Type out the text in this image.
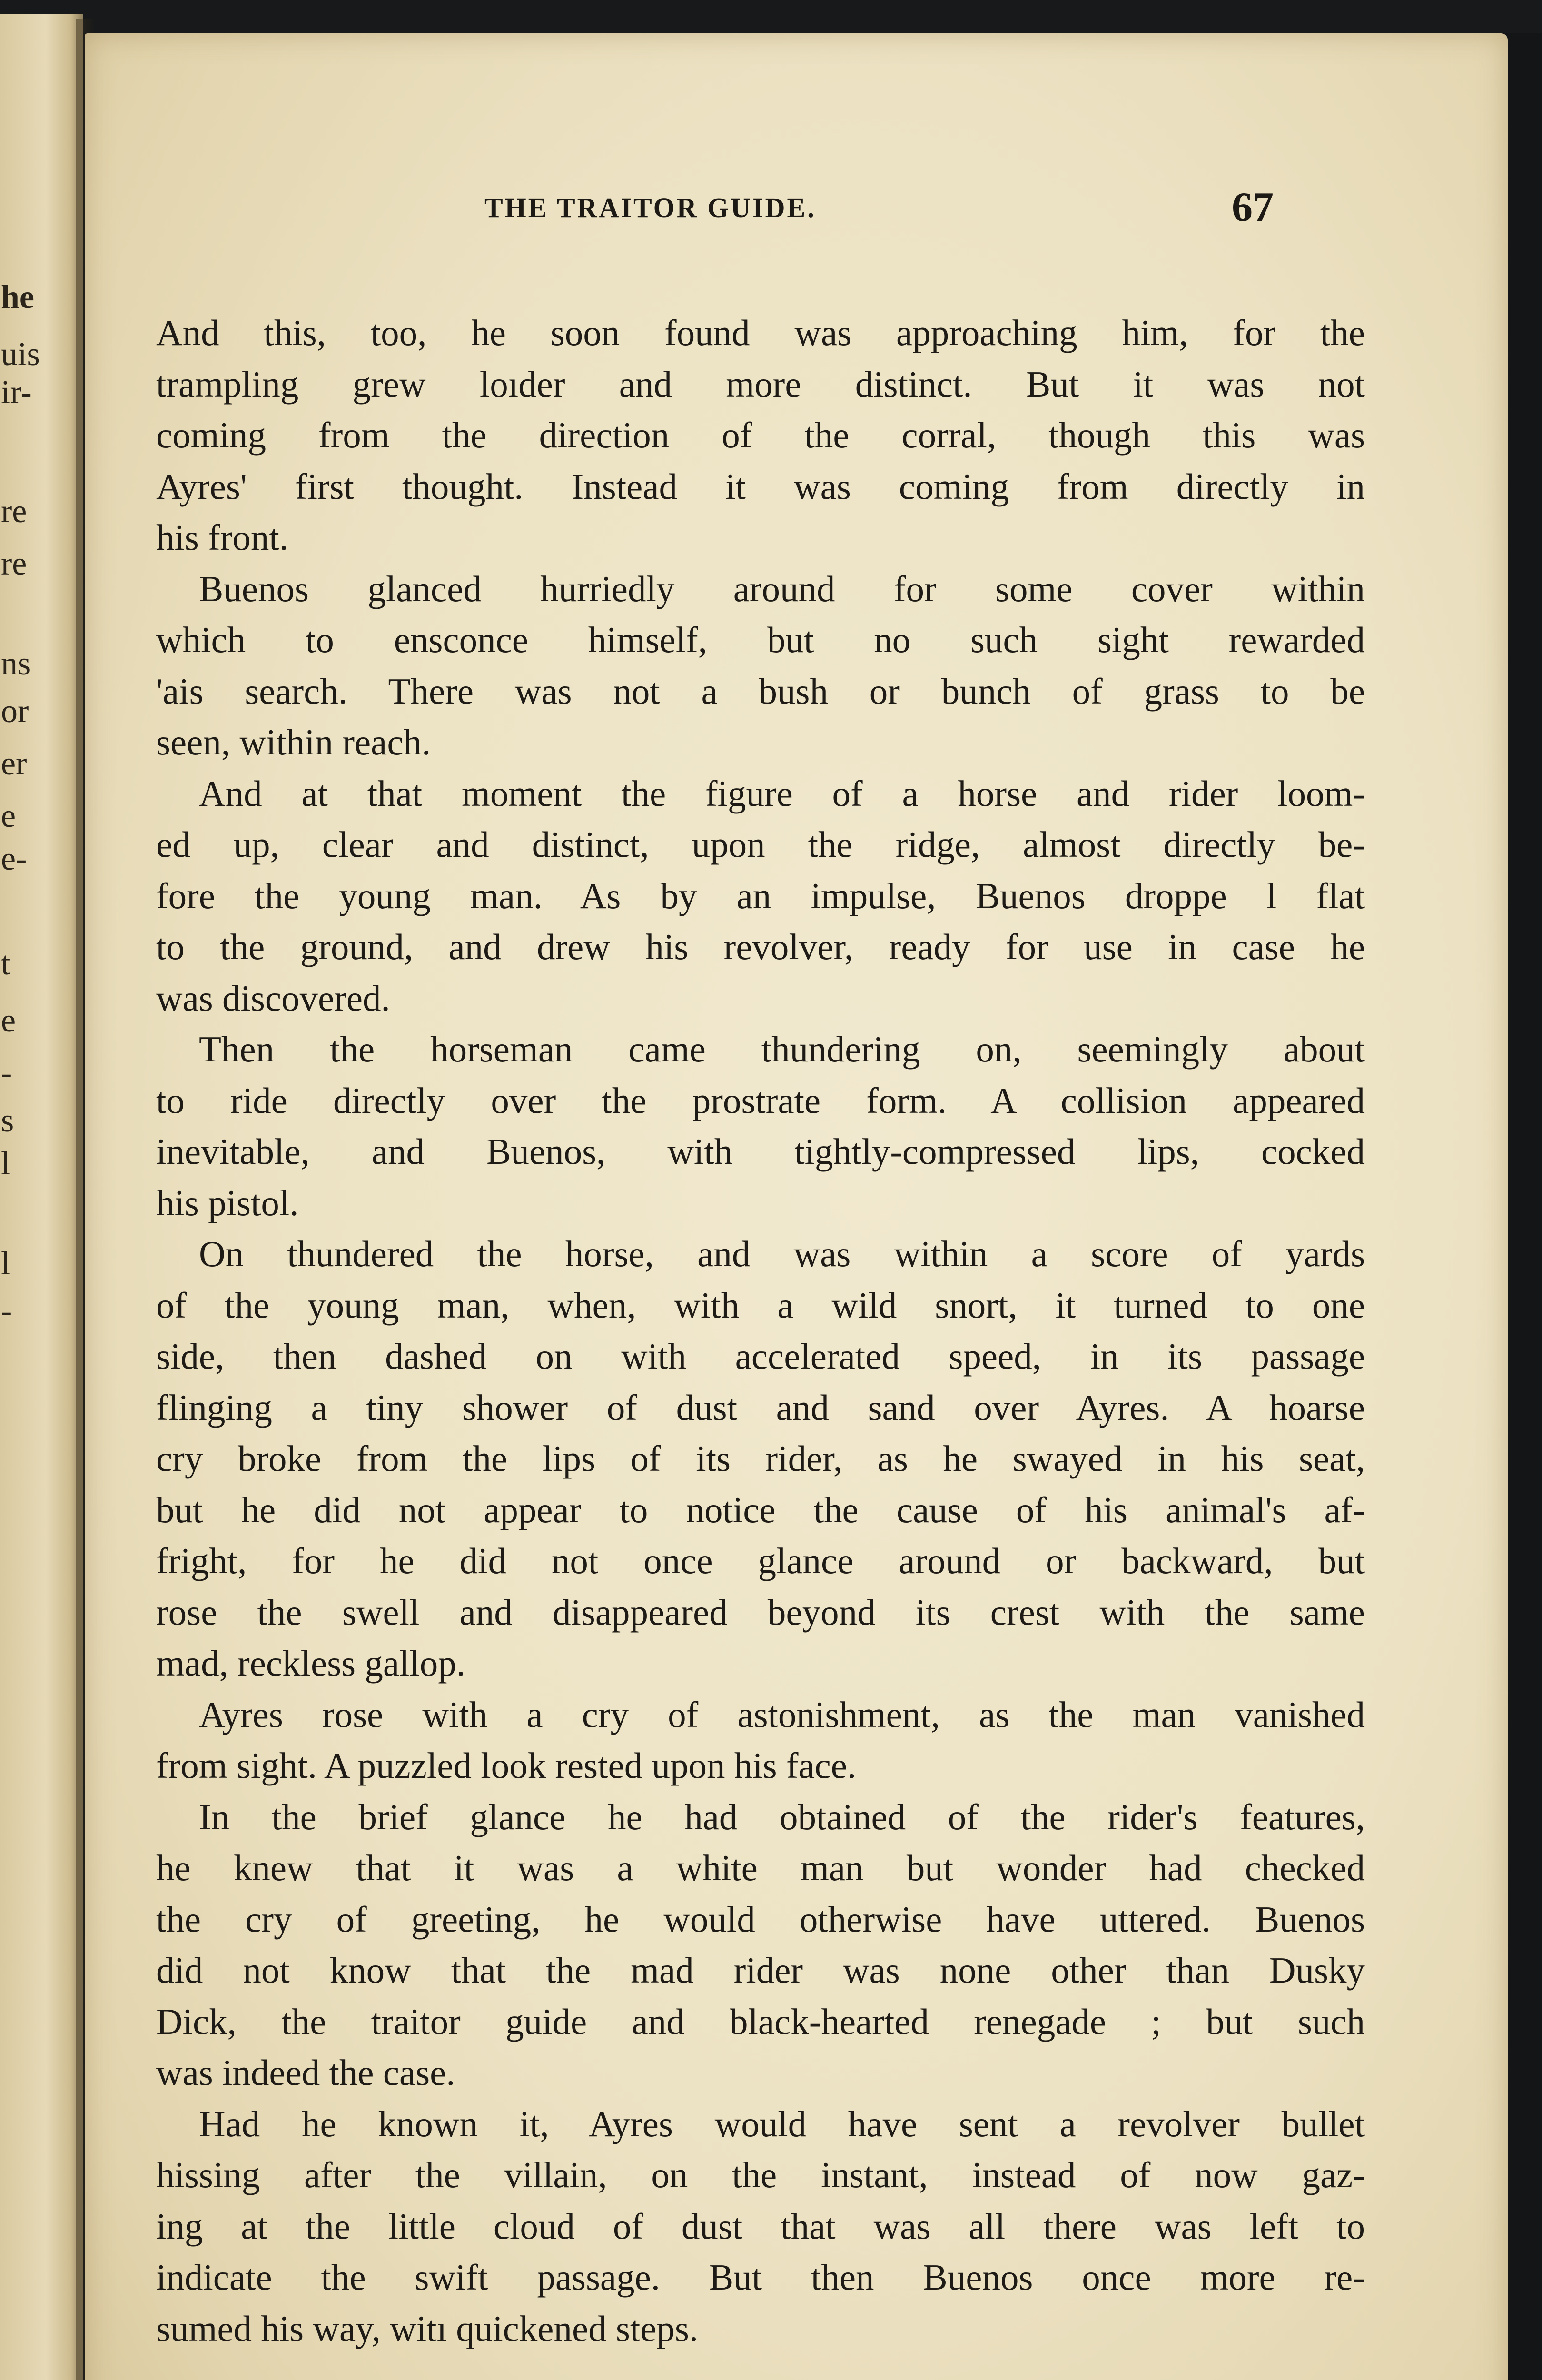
he
uis
ir-
re
re
ns
or
er
e
e-
t
e
-
s
l
l
-
THE TRAITOR GUIDE.	67
And this, too, he soon found was approaching him, for the
trampling grew loıder and more distinct. But it was not
coming from the direction of the corral, though this was
Ayres' first thought. Instead it was coming from directly in
his front.
Buenos glanced hurriedly around for some cover within
which to ensconce himself, but no such sight rewarded
'ais search. There was not a bush or bunch of grass to be
seen, within reach.
And at that moment the figure of a horse and rider loom-
ed up, clear and distinct, upon the ridge, almost directly be-
fore the young man. As by an impulse, Buenos droppe l flat
to the ground, and drew his revolver, ready for use in case he
was discovered.
Then the horseman came thundering on, seemingly about
to ride directly over the prostrate form. A collision appeared
inevitable, and Buenos, with tightly-compressed lips, cocked
his pistol.
On thundered the horse, and was within a score of yards
of the young man, when, with a wild snort, it turned to one
side, then dashed on with accelerated speed, in its passage
flinging a tiny shower of dust and sand over Ayres. A hoarse
cry broke from the lips of its rider, as he swayed in his seat,
but he did not appear to notice the cause of his animal's af-
fright, for he did not once glance around or backward, but
rose the swell and disappeared beyond its crest with the same
mad, reckless gallop.
Ayres rose with a cry of astonishment, as the man vanished
from sight. A puzzled look rested upon his face.
In the brief glance he had obtained of the rider's features,
he knew that it was a white man but wonder had checked
the cry of greeting, he would otherwise have uttered. Buenos
did not know that the mad rider was none other than Dusky
Dick, the traitor guide and black-hearted renegade ; but such
was indeed the case.
Had he known it, Ayres would have sent a revolver bullet
hissing after the villain, on the instant, instead of now gaz-
ing at the little cloud of dust that was all there was left to
indicate the swift passage. But then Buenos once more re-
sumed his way, witı quickened steps.
